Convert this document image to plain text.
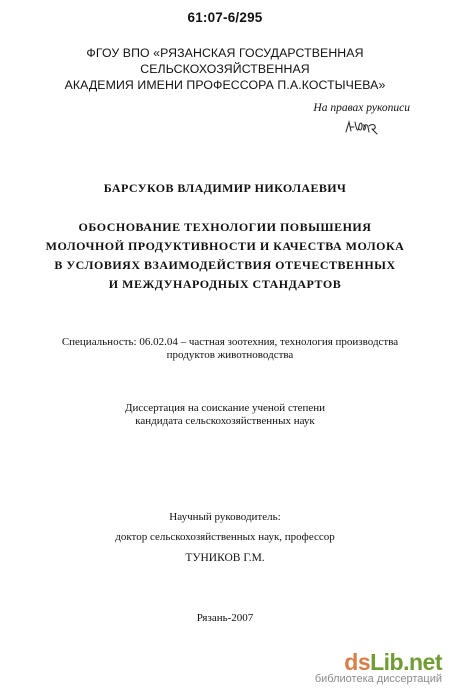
61:07-6/295
ФГОУ ВПО «РЯЗАНСКАЯ ГОСУДАРСТВЕННАЯ СЕЛЬСКОХОЗЯЙСТВЕННАЯ
АКАДЕМИЯ ИМЕНИ ПРОФЕССОРА П.А.КОСТЫЧЕВА»
На правах рукописи
БАРСУКОВ ВЛАДИМИР НИКОЛАЕВИЧ
ОБОСНОВАНИЕ ТЕХНОЛОГИИ ПОВЫШЕНИЯ
МОЛОЧНОЙ ПРОДУКТИВНОСТИ И КАЧЕСТВА МОЛОКА
В УСЛОВИЯХ ВЗАИМОДЕЙСТВИЯ ОТЕЧЕСТВЕННЫХ
И МЕЖДУНАРОДНЫХ СТАНДАРТОВ
Специальность: 06.02.04 – частная зоотехния, технология производства
продуктов животноводства
Диссертация на соискание ученой степени
кандидата сельскохозяйственных наук
Научный руководитель:
доктор сельскохозяйственных наук, профессор
ТУНИКОВ Г.М.
Рязань-2007
dsLib.net
библиотека диссертаций
